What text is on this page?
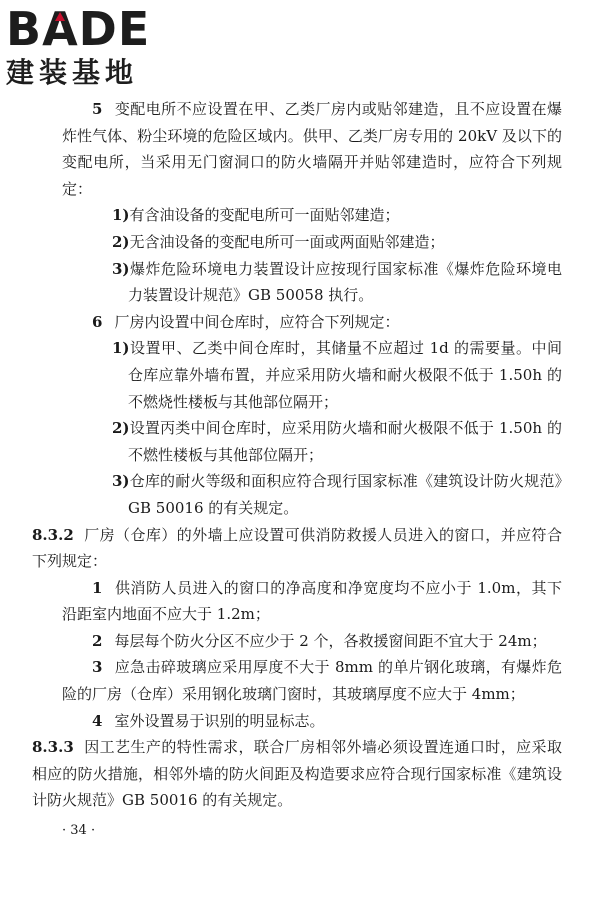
BADE
建装基地

5 变配电所不应设置在甲、乙类厂房内或贴邻建造，且不应设置在爆炸性气体、粉尘环境的危险区域内。供甲、乙类厂房专用的 20kV 及以下的变配电所，当采用无门窗洞口的防火墙隔开并贴邻建造时，应符合下列规定：

1)有含油设备的变配电所可一面贴邻建造；

2)无含油设备的变配电所可一面或两面贴邻建造；

3)爆炸危险环境电力装置设计应按现行国家标准《爆炸危险环境电力装置设计规范》GB 50058 执行。

6 厂房内设置中间仓库时，应符合下列规定：

1)设置甲、乙类中间仓库时，其储量不应超过 1d 的需要量。中间仓库应靠外墙布置，并应采用防火墙和耐火极限不低于 1.50h 的不燃烧性楼板与其他部位隔开；

2)设置丙类中间仓库时，应采用防火墙和耐火极限不低于 1.50h 的不燃性楼板与其他部位隔开；

3)仓库的耐火等级和面积应符合现行国家标准《建筑设计防火规范》GB 50016 的有关规定。

8.3.2 厂房（仓库）的外墙上应设置可供消防救援人员进入的窗口，并应符合下列规定：

1 供消防人员进入的窗口的净高度和净宽度均不应小于 1.0m，其下沿距室内地面不应大于 1.2m；

2 每层每个防火分区不应少于 2 个，各救援窗间距不宜大于 24m；

3 应急击碎玻璃应采用厚度不大于 8mm 的单片钢化玻璃，有爆炸危险的厂房（仓库）采用钢化玻璃门窗时，其玻璃厚度不应大于 4mm；

4 室外设置易于识别的明显标志。

8.3.3 因工艺生产的特性需求，联合厂房相邻外墙必须设置连通口时，应采取相应的防火措施，相邻外墙的防火间距及构造要求应符合现行国家标准《建筑设计防火规范》GB 50016 的有关规定。

· 34 ·
